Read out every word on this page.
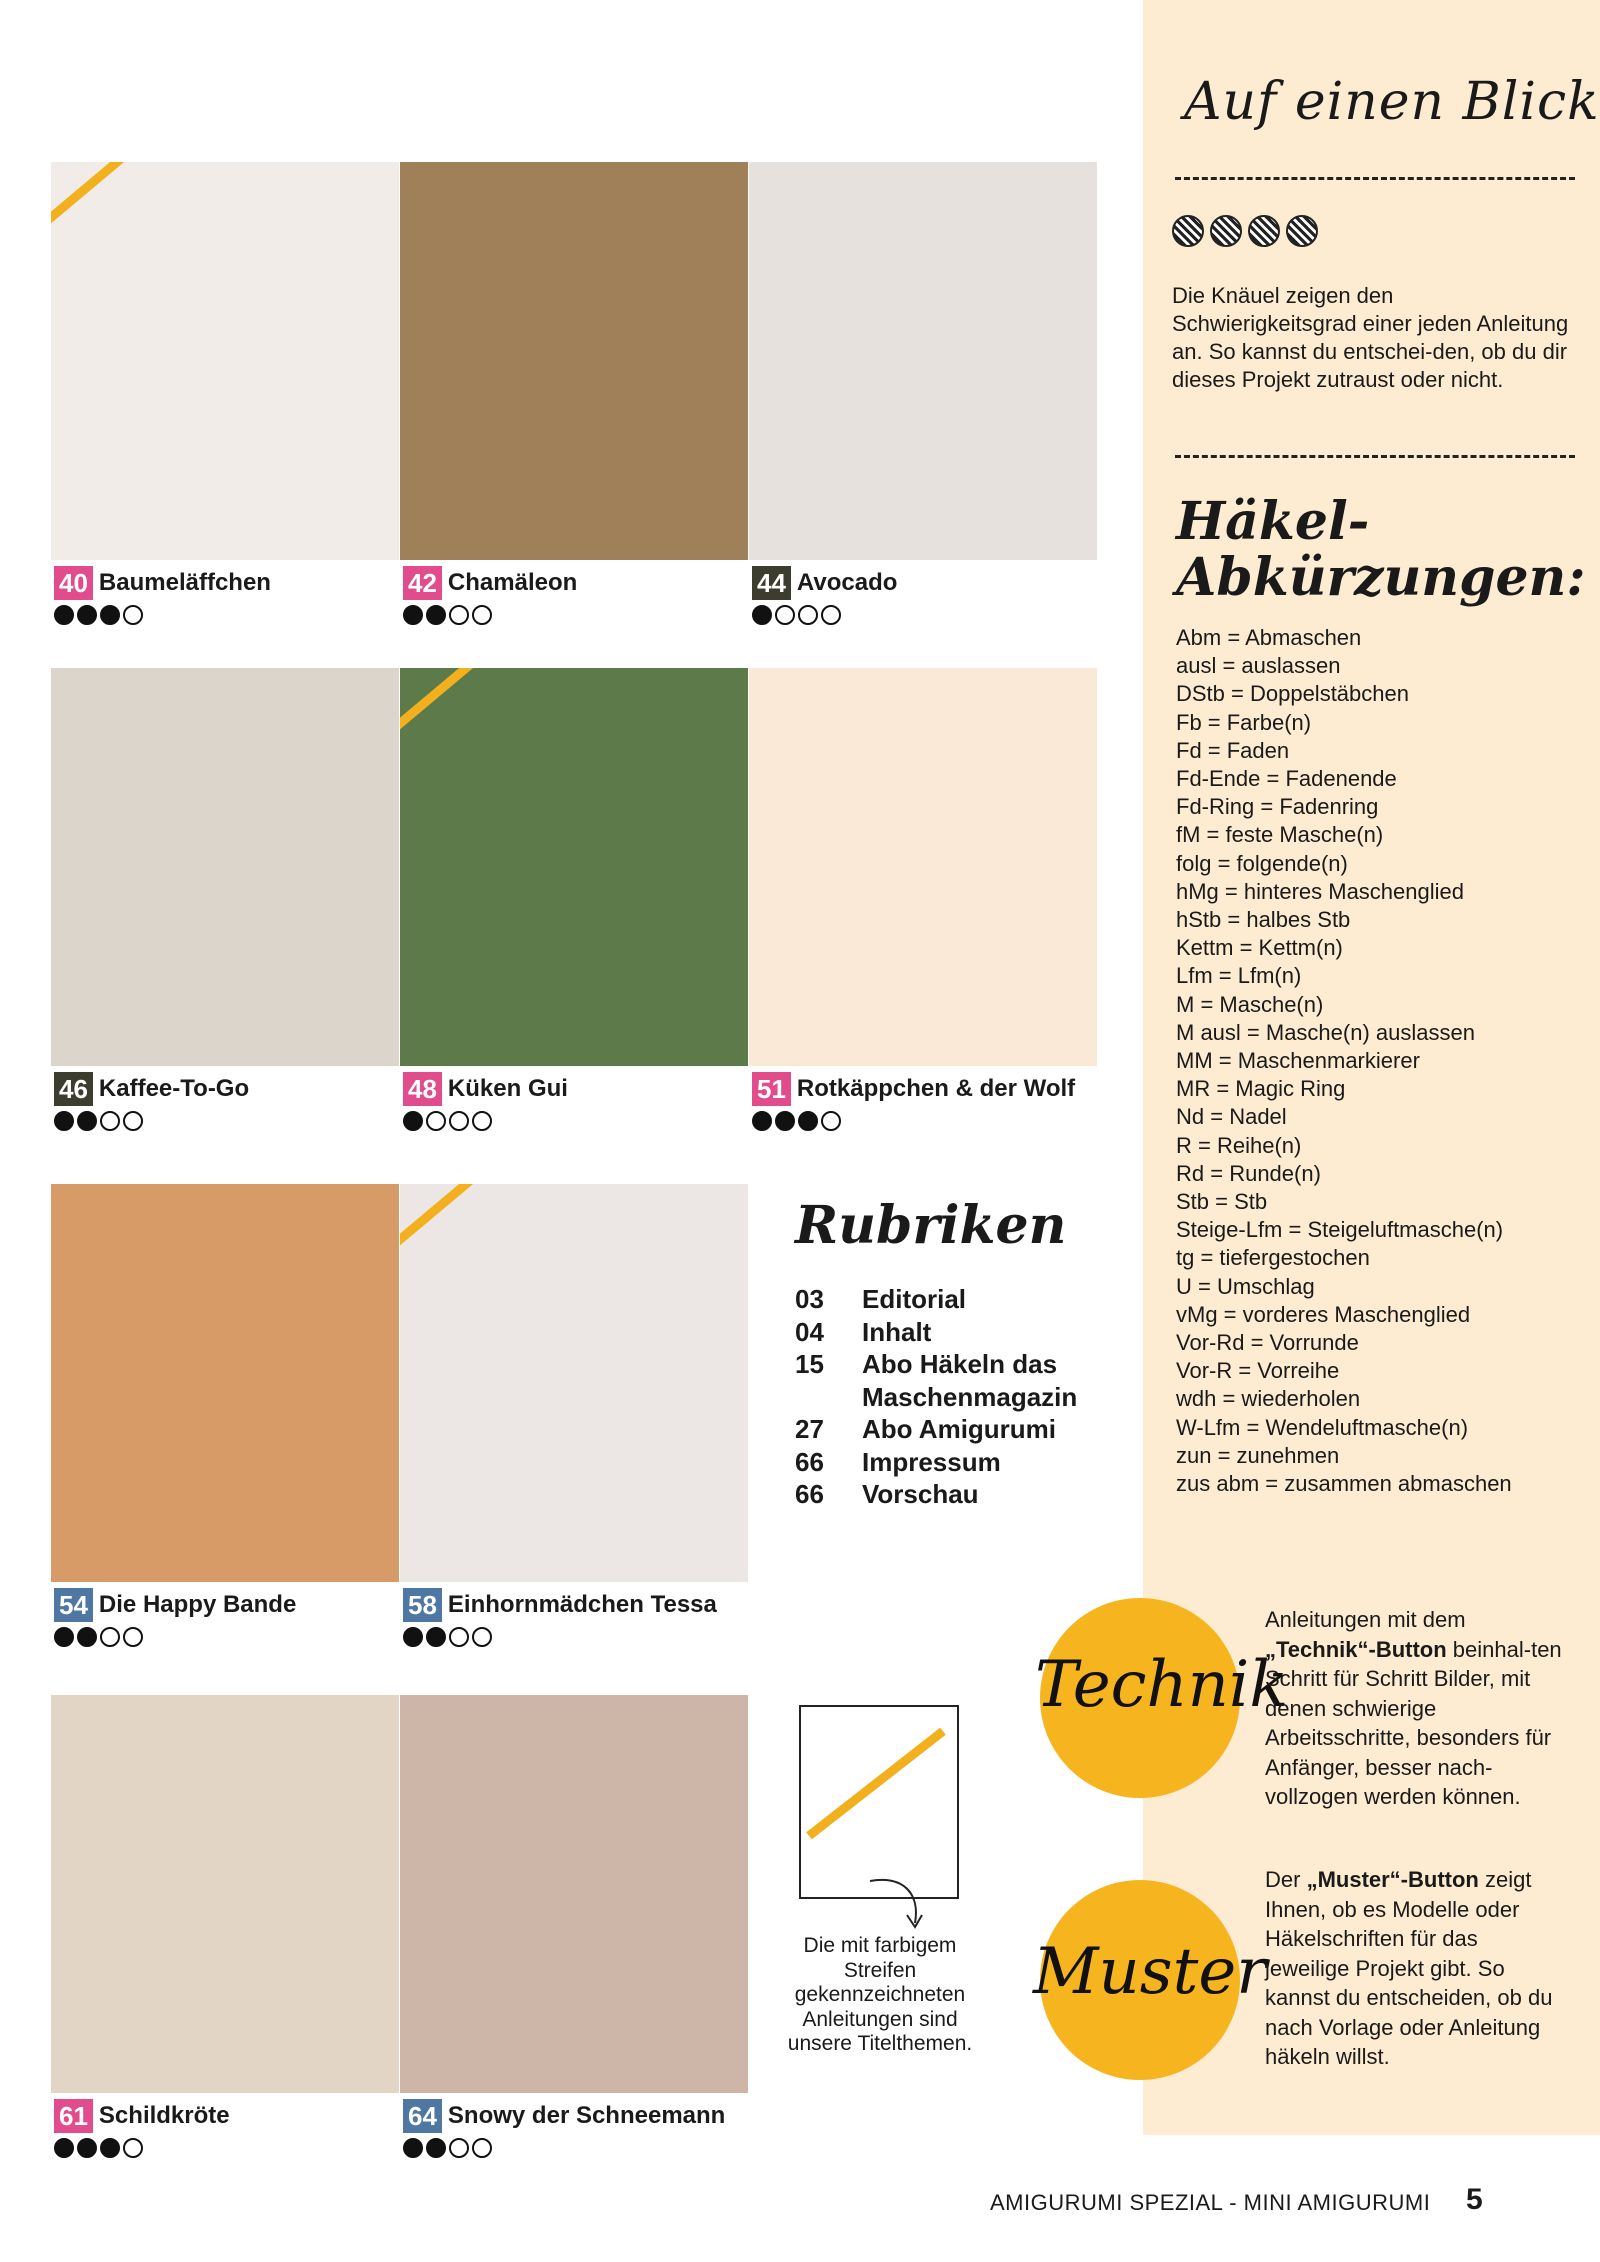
Auf einen Blick
Die Knäuel zeigen den Schwierigkeitsgrad einer jeden Anleitung an. So kannst du entschei-den, ob du dir dieses Projekt zutraust oder nicht.
Häkel-Abkürzungen:
Abm = Abmaschen
ausl = auslassen
DStb = Doppelstäbchen
Fb = Farbe(n)
Fd = Faden
Fd-Ende = Fadenende
Fd-Ring = Fadenring
fM = feste Masche(n)
folg = folgende(n)
hMg = hinteres Maschenglied
hStb = halbes Stb
Kettm = Kettm(n)
Lfm = Lfm(n)
M = Masche(n)
M ausl = Masche(n) auslassen
MM = Maschenmarkierer
MR = Magic Ring
Nd = Nadel
R = Reihe(n)
Rd = Runde(n)
Stb = Stb
Steige-Lfm = Steigeluftmasche(n)
tg = tiefergestochen
U = Umschlag
vMg = vorderes Maschenglied
Vor-Rd = Vorrunde
Vor-R = Vorreihe
wdh = wiederholen
W-Lfm = Wendeluftmasche(n)
zun = zunehmen
zus abm = zusammen abmaschen
40 Baumeläffchen	42 Chamäleon	44 Avocado
46 Kaffee-To-Go	48 Küken Gui	51 Rotkäppchen & der Wolf
54 Die Happy Bande	58 Einhornmädchen Tessa
61 Schildkröte	64 Snowy der Schneemann
Rubriken
03	Editorial
04	Inhalt
15	Abo Häkeln das Maschenmagazin
27	Abo Amigurumi
66	Impressum
66	Vorschau
Die mit farbigem Streifen gekennzeichneten Anleitungen sind unsere Titelthemen.
Technik
Anleitungen mit dem „Technik“-Button beinhal-ten Schritt für Schritt Bilder, mit denen schwierige Arbeitsschritte, besonders für Anfänger, besser nach-vollzogen werden können.
Muster
Der „Muster“-Button zeigt Ihnen, ob es Modelle oder Häkelschriften für das jeweilige Projekt gibt. So kannst du entscheiden, ob du nach Vorlage oder Anleitung häkeln willst.
AMIGURUMI SPEZIAL - MINI AMIGURUMI 5
